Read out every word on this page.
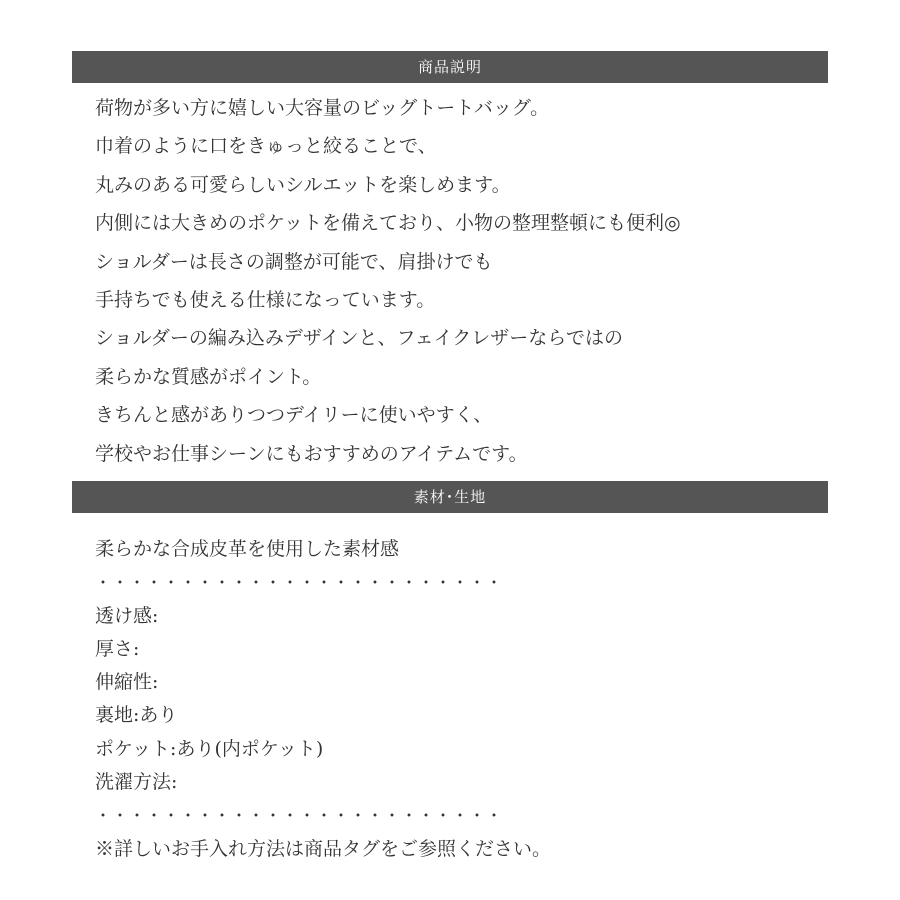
商品説明
荷物が多い方に嬉しい大容量のビッグトートバッグ。
巾着のように口をきゅっと絞ることで、
丸みのある可愛らしいシルエットを楽しめます。
内側には大きめのポケットを備えており、小物の整理整頓にも便利◎
ショルダーは長さの調整が可能で、肩掛けでも
手持ちでも使える仕様になっています。
ショルダーの編み込みデザインと、フェイクレザーならではの
柔らかな質感がポイント。
きちんと感がありつつデイリーに使いやすく、
学校やお仕事シーンにもおすすめのアイテムです。
素材･生地
柔らかな合成皮革を使用した素材感
・・・・・・・・・・・・・・・・・・・・・・・・
透け感:
厚さ:
伸縮性:
裏地:あり
ポケット:あり(内ポケット)
洗濯方法:
・・・・・・・・・・・・・・・・・・・・・・・・
※詳しいお手入れ方法は商品タグをご参照ください。
